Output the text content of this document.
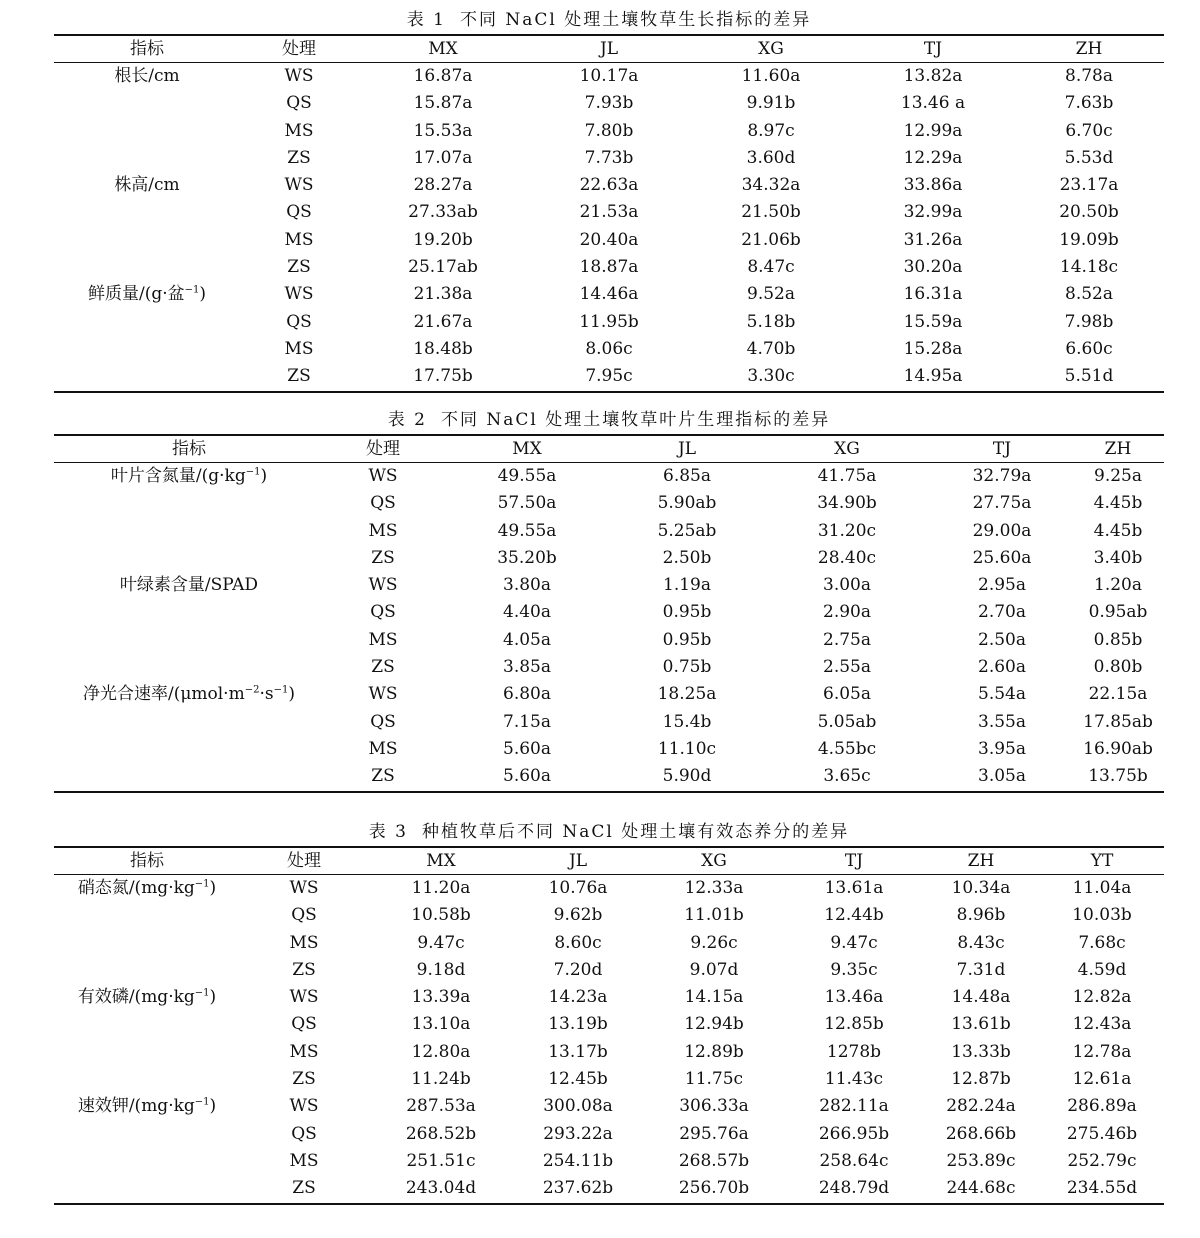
表 1 不同 NaCl 处理土壤牧草生长指标的差异
指标	处理	MX	JL	XG	TJ	ZH
根长/cm	WS	16.87a	10.17a	11.60a	13.82a	8.78a
QS	15.87a	7.93b	9.91b	13.46 a	7.63b
MS	15.53a	7.80b	8.97c	12.99a	6.70c
ZS	17.07a	7.73b	3.60d	12.29a	5.53d
株高/cm	WS	28.27a	22.63a	34.32a	33.86a	23.17a
QS	27.33ab	21.53a	21.50b	32.99a	20.50b
MS	19.20b	20.40a	21.06b	31.26a	19.09b
ZS	25.17ab	18.87a	8.47c	30.20a	14.18c
鲜质量/(g·盆$^{-1}$)	WS	21.38a	14.46a	9.52a	16.31a	8.52a
QS	21.67a	11.95b	5.18b	15.59a	7.98b
MS	18.48b	8.06c	4.70b	15.28a	6.60c
ZS	17.75b	7.95c	3.30c	14.95a	5.51d
表 2 不同 NaCl 处理土壤牧草叶片生理指标的差异
指标	处理	MX	JL	XG	TJ	ZH
叶片含氮量$/(g\cdot kg^{-1})$	WS	49.55a	6.85a	41.75a	32.79a	9.25a
QS	57.50a	5.90ab	34.90b	27.75a	4.45b
MS	49.55a	5.25ab	31.20c	29.00a	4.45b
ZS	35.20b	2.50b	28.40c	25.60a	3.40b
叶绿素含量/SPAD	WS	3.80a	1.19a	3.00a	2.95a	1.20a
QS	4.40a	0.95b	2.90a	2.70a	0.95ab
MS	4.05a	0.95b	2.75a	2.50a	0.85b
ZS	3.85a	0.75b	2.55a	2.60a	0.80b
净光合速率$/(\mu mol\cdot m^{-2}\cdot s^{-1})$	WS	6.80a	18.25a	6.05a	5.54a	22.15a
QS	7.15a	15.4b	5.05ab	3.55a	17.85ab
MS	5.60a	11.10c	4.55bc	3.95a	16.90ab
ZS	5.60a	5.90d	3.65c	3.05a	13.75b
表 3 种植牧草后不同 NaCl 处理土壤有效态养分的差异
指标	处理	MX	JL	XG	TJ	ZH	YT
硝态氮$/(mg\cdot kg^{-1})$	WS	11.20a	10.76a	12.33a	13.61a	10.34a	11.04a
QS	10.58b	9.62b	11.01b	12.44b	8.96b	10.03b
MS	9.47c	8.60c	9.26c	9.47c	8.43c	7.68c
ZS	9.18d	7.20d	9.07d	9.35c	7.31d	4.59d
有效磷$/(mg\cdot kg^{-1})$	WS	13.39a	14.23a	14.15a	13.46a	14.48a	12.82a
QS	13.10a	13.19b	12.94b	12.85b	13.61b	12.43a
MS	12.80a	13.17b	12.89b	1278b	13.33b	12.78a
ZS	11.24b	12.45b	11.75c	11.43c	12.87b	12.61a
速效钾$/(mg\cdot kg^{-1})$	WS	287.53a	300.08a	306.33a	282.11a	282.24a	286.89a
QS	268.52b	293.22a	295.76a	266.95b	268.66b	275.46b
MS	251.51c	254.11b	268.57b	258.64c	253.89c	252.79c
ZS	243.04d	237.62b	256.70b	248.79d	244.68c	234.55d
